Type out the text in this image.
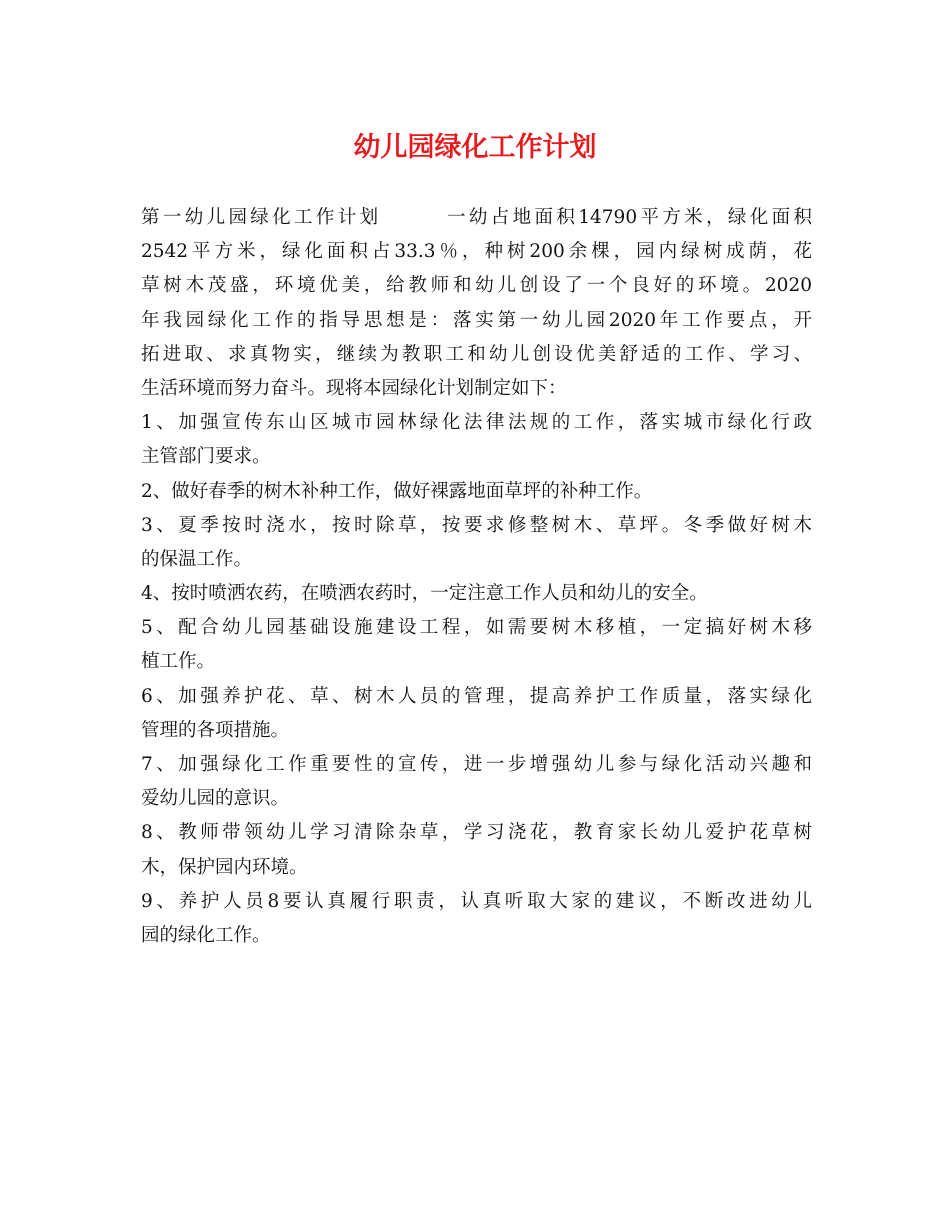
幼儿园绿化工作计划
第一幼儿园绿化工作计划　　　一幼占地面积14790平方米，绿化面积
2542平方米，绿化面积占33.3％，种树200余棵，园内绿树成荫，花
草树木茂盛，环境优美，给教师和幼儿创设了一个良好的环境。2020
年我园绿化工作的指导思想是：落实第一幼儿园2020年工作要点，开
拓进取、求真物实，继续为教职工和幼儿创设优美舒适的工作、学习、
生活环境而努力奋斗。现将本园绿化计划制定如下：
1、加强宣传东山区城市园林绿化法律法规的工作，落实城市绿化行政
主管部门要求。
2、做好春季的树木补种工作，做好裸露地面草坪的补种工作。
3、夏季按时浇水，按时除草，按要求修整树木、草坪。冬季做好树木
的保温工作。
4、按时喷洒农药，在喷洒农药时，一定注意工作人员和幼儿的安全。
5、配合幼儿园基础设施建设工程，如需要树木移植，一定搞好树木移
植工作。
6、加强养护花、草、树木人员的管理，提高养护工作质量，落实绿化
管理的各项措施。
7、加强绿化工作重要性的宣传，进一步增强幼儿参与绿化活动兴趣和
爱幼儿园的意识。
8、教师带领幼儿学习清除杂草，学习浇花，教育家长幼儿爱护花草树
木，保护园内环境。
9、养护人员8要认真履行职责，认真听取大家的建议，不断改进幼儿
园的绿化工作。
